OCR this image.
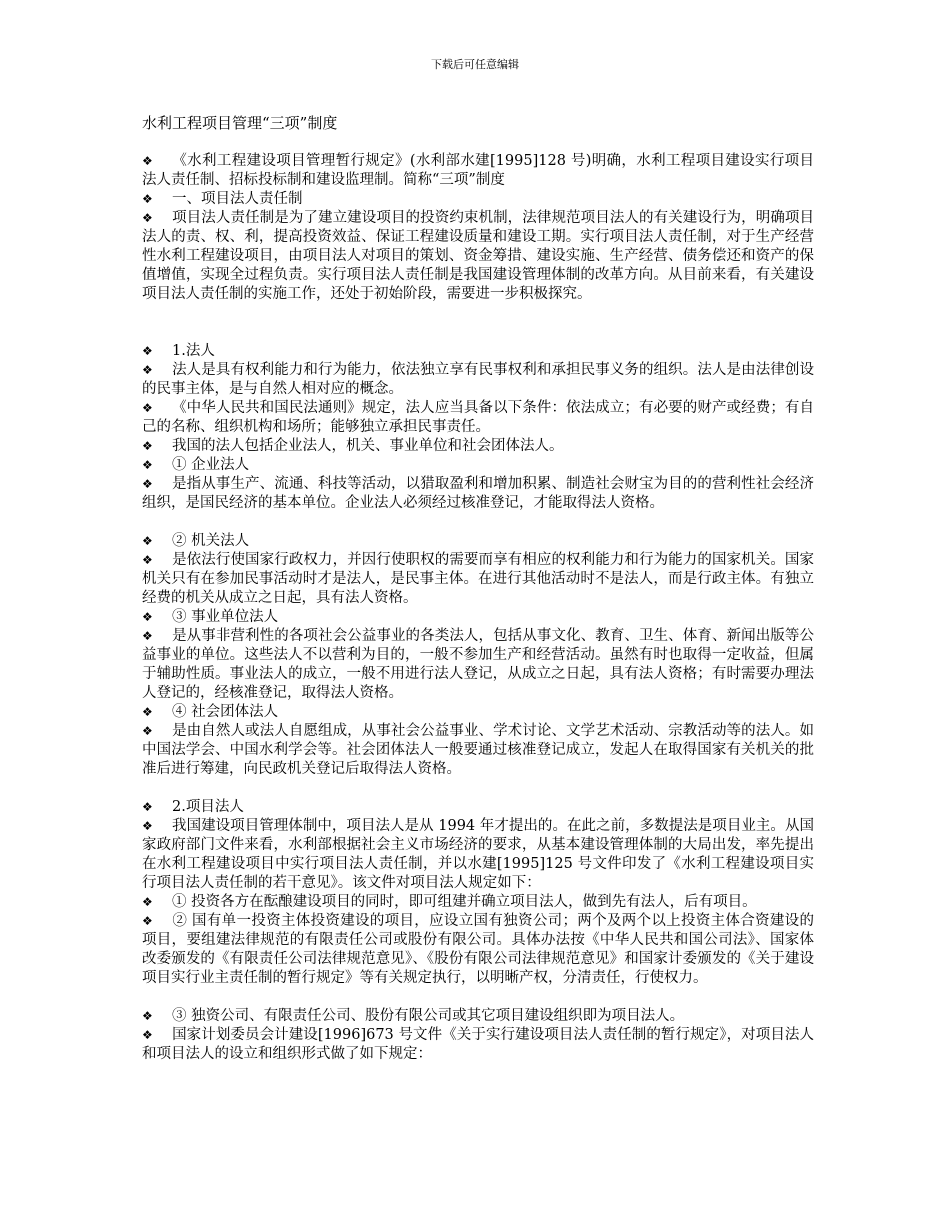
下载后可任意编辑
水利工程项目管理“三项”制度

❖ 《水利工程建设项目管理暂行规定》(水利部水建[1995]128 号)明确，水利工程项目建设实行项目法人责任制、招标投标制和建设监理制。简称“三项”制度

❖ 一、项目法人责任制

❖ 项目法人责任制是为了建立建设项目的投资约束机制，法律规范项目法人的有关建设行为，明确项目法人的责、权、利，提高投资效益、保证工程建设质量和建设工期。实行项目法人责任制，对于生产经营性水利工程建设项目，由项目法人对项目的策划、资金筹措、建设实施、生产经营、债务偿还和资产的保值增值，实现全过程负责。实行项目法人责任制是我国建设管理体制的改革方向。从目前来看，有关建设项目法人责任制的实施工作，还处于初始阶段，需要进一步积极探究。

❖ 1.法人

❖ 法人是具有权利能力和行为能力，依法独立享有民事权利和承担民事义务的组织。法人是由法律创设的民事主体，是与自然人相对应的概念。

❖ 《中华人民共和国民法通则》规定，法人应当具备以下条件：依法成立；有必要的财产或经费；有自己的名称、组织机构和场所；能够独立承担民事责任。

❖ 我国的法人包括企业法人，机关、事业单位和社会团体法人。

❖ ① 企业法人

❖ 是指从事生产、流通、科技等活动，以猎取盈利和增加积累、制造社会财宝为目的的营利性社会经济组织，是国民经济的基本单位。企业法人必须经过核准登记，才能取得法人资格。

❖ ② 机关法人

❖ 是依法行使国家行政权力，并因行使职权的需要而享有相应的权利能力和行为能力的国家机关。国家机关只有在参加民事活动时才是法人，是民事主体。在进行其他活动时不是法人，而是行政主体。有独立经费的机关从成立之日起，具有法人资格。

❖ ③ 事业单位法人

❖ 是从事非营利性的各项社会公益事业的各类法人，包括从事文化、教育、卫生、体育、新闻出版等公益事业的单位。这些法人不以营利为目的，一般不参加生产和经营活动。虽然有时也取得一定收益，但属于辅助性质。事业法人的成立，一般不用进行法人登记，从成立之日起，具有法人资格；有时需要办理法人登记的，经核准登记，取得法人资格。

❖ ④ 社会团体法人

❖ 是由自然人或法人自愿组成，从事社会公益事业、学术讨论、文学艺术活动、宗教活动等的法人。如中国法学会、中国水利学会等。社会团体法人一般要通过核准登记成立，发起人在取得国家有关机关的批准后进行筹建，向民政机关登记后取得法人资格。

❖ 2.项目法人

❖ 我国建设项目管理体制中，项目法人是从 1994 年才提出的。在此之前，多数提法是项目业主。从国家政府部门文件来看，水利部根据社会主义市场经济的要求，从基本建设管理体制的大局出发，率先提出在水利工程建设项目中实行项目法人责任制，并以水建[1995]125 号文件印发了《水利工程建设项目实行项目法人责任制的若干意见》。该文件对项目法人规定如下：

❖ ① 投资各方在酝酿建设项目的同时，即可组建并确立项目法人，做到先有法人，后有项目。

❖ ② 国有单一投资主体投资建设的项目，应设立国有独资公司；两个及两个以上投资主体合资建设的项目，要组建法律规范的有限责任公司或股份有限公司。具体办法按《中华人民共和国公司法》、国家体改委颁发的《有限责任公司法律规范意见》、《股份有限公司法律规范意见》和国家计委颁发的《关于建设项目实行业主责任制的暂行规定》等有关规定执行，以明晰产权，分清责任，行使权力。

❖ ③ 独资公司、有限责任公司、股份有限公司或其它项目建设组织即为项目法人。

❖ 国家计划委员会计建设[1996]673 号文件《关于实行建设项目法人责任制的暂行规定》，对项目法人和项目法人的设立和组织形式做了如下规定：
